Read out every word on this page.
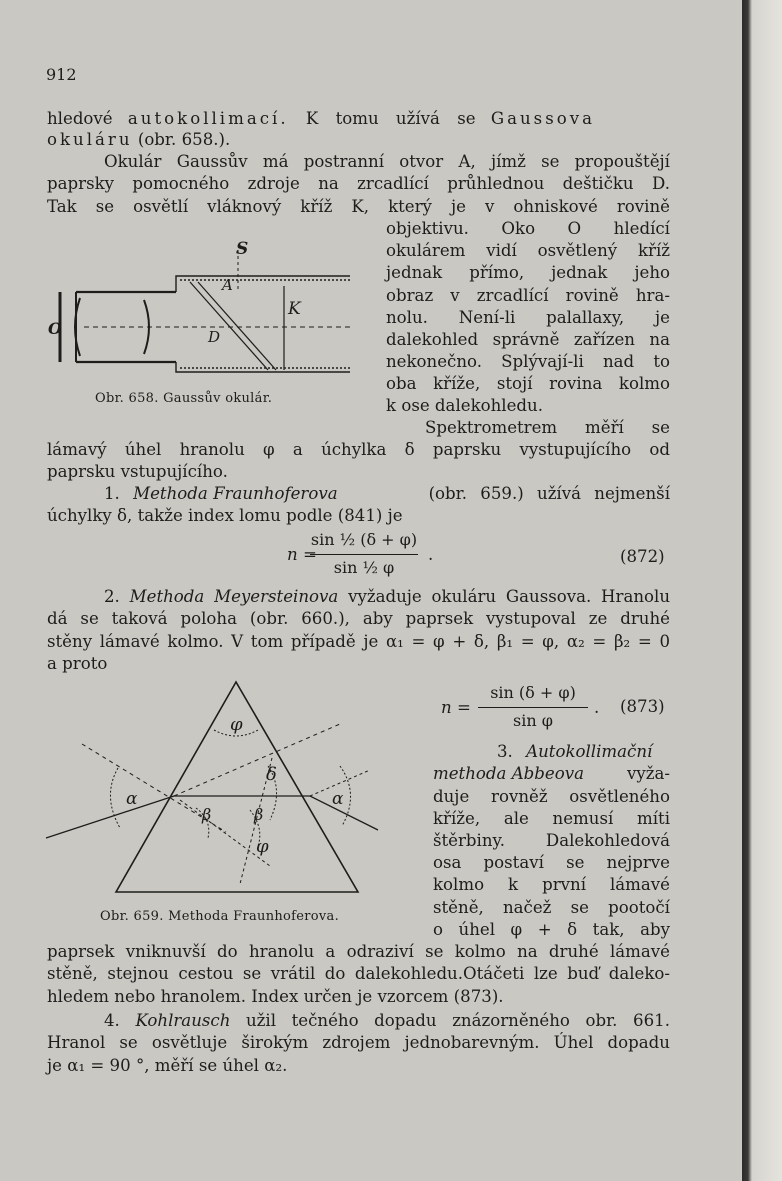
912
hledové autokollimací. K tomu užívá se Gaussova
okuláru (obr. 658.).
Okulár Gaussův má postranní otvor A, jímž se propouštějí
paprsky pomocného zdroje na zrcadlící průhlednou deštičku D.
Tak se osvětlí vláknový kříž K, který je v ohniskové rovině
objektivu. Oko O hledící
okulárem vidí osvětlený kříž
jednak přímo, jednak jeho
obraz v zrcadlící rovině hra-
nolu. Není-li palallaxy, je
dalekohled správně zařízen na
nekonečno. Splývají-li nad to
oba kříže, stojí rovina kolmo
k ose dalekohledu.
S
A
K
D
O
Obr. 658. Gaussův okulár.
Spektrometrem měří se
lámavý úhel hranolu φ a úchylka δ paprsku vystupujícího od
paprsku vstupujícího.
1. Methoda Fraunhoferova	(obr. 659.) užívá nejmenší
úchylky δ, takže index lomu podle (841) je
n =
sin ½ (δ + φ)
sin ½ φ
.	(872)
2. Methoda Meyersteinova vyžaduje okuláru Gaussova. Hranolu
dá se taková poloha (obr. 660.), aby paprsek vystupoval ze druhé
stěny lámavé kolmo. V tom případě je α₁ = φ + δ, β₁ = φ, α₂ = β₂ = 0
a proto
n =
sin (δ + φ)
sin φ
. (873)
φ
δ
α	α
β	β
φ
Obr. 659. Methoda Fraunhoferova.
3. Autokollimační
methoda Abbeova	vyža-
duje rovněž osvětleného
kříže, ale nemusí míti
štěrbiny. Dalekohledová
osa postaví se nejprve
kolmo k první lámavé
stěně, načež se pootočí
o úhel φ + δ tak, aby
paprsek vniknuvší do hranolu a odraziví se kolmo na druhé lámavé
stěně, stejnou cestou se vrátil do dalekohledu.Otáčeti lze buď daleko-
hledem nebo hranolem. Index určen je vzorcem (873).
4. Kohlrausch užil tečného dopadu znázorněného obr. 661.
Hranol se osvětluje širokým zdrojem jednobarevným. Úhel dopadu
je α₁ = 90 °, měří se úhel α₂.
